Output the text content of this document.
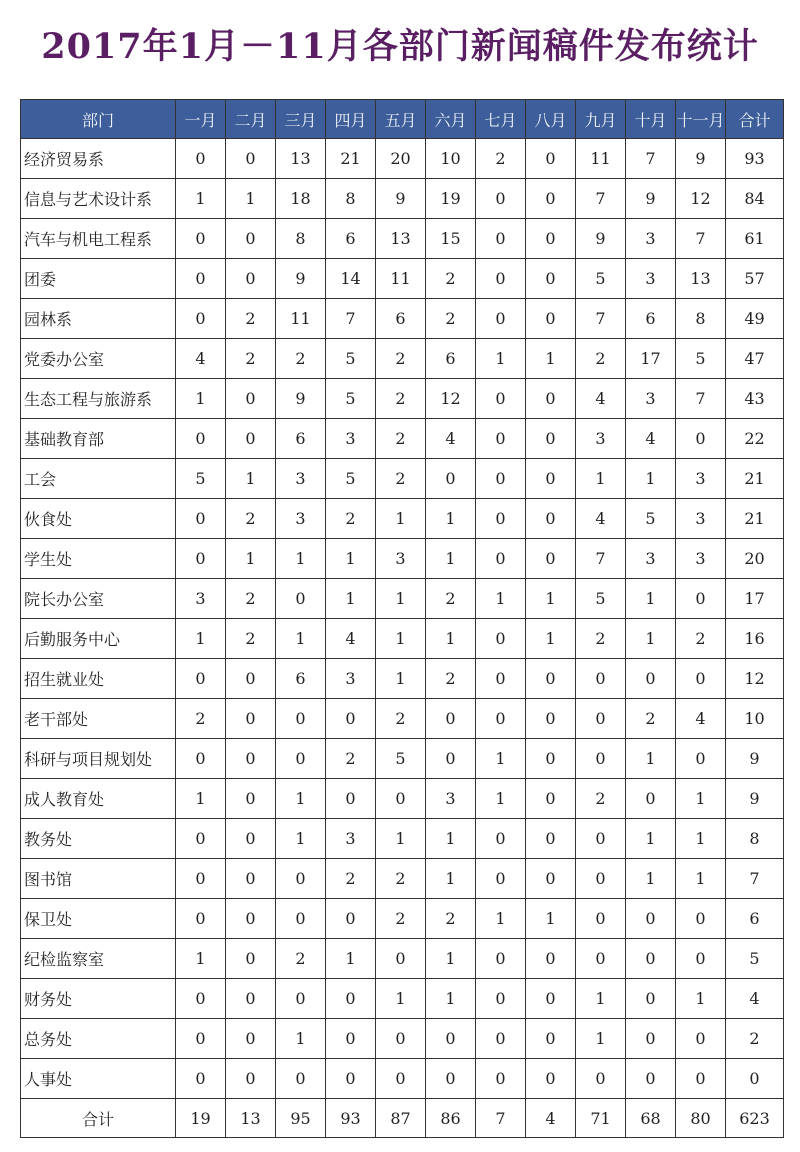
2017年1月－11月各部门新闻稿件发布统计
部门	一月	二月	三月	四月	五月	六月	七月	八月	九月	十月	十一月	合计
经济贸易系	0	0	13	21	20	10	2	0	11	7	9	93
信息与艺术设计系	1	1	18	8	9	19	0	0	7	9	12	84
汽车与机电工程系	0	0	8	6	13	15	0	0	9	3	7	61
团委	0	0	9	14	11	2	0	0	5	3	13	57
园林系	0	2	11	7	6	2	0	0	7	6	8	49
党委办公室	4	2	2	5	2	6	1	1	2	17	5	47
生态工程与旅游系	1	0	9	5	2	12	0	0	4	3	7	43
基础教育部	0	0	6	3	2	4	0	0	3	4	0	22
工会	5	1	3	5	2	0	0	0	1	1	3	21
伙食处	0	2	3	2	1	1	0	0	4	5	3	21
学生处	0	1	1	1	3	1	0	0	7	3	3	20
院长办公室	3	2	0	1	1	2	1	1	5	1	0	17
后勤服务中心	1	2	1	4	1	1	0	1	2	1	2	16
招生就业处	0	0	6	3	1	2	0	0	0	0	0	12
老干部处	2	0	0	0	2	0	0	0	0	2	4	10
科研与项目规划处	0	0	0	2	5	0	1	0	0	1	0	9
成人教育处	1	0	1	0	0	3	1	0	2	0	1	9
教务处	0	0	1	3	1	1	0	0	0	1	1	8
图书馆	0	0	0	2	2	1	0	0	0	1	1	7
保卫处	0	0	0	0	2	2	1	1	0	0	0	6
纪检监察室	1	0	2	1	0	1	0	0	0	0	0	5
财务处	0	0	0	0	1	1	0	0	1	0	1	4
总务处	0	0	1	0	0	0	0	0	1	0	0	2
人事处	0	0	0	0	0	0	0	0	0	0	0	0
合计	19	13	95	93	87	86	7	4	71	68	80	623
